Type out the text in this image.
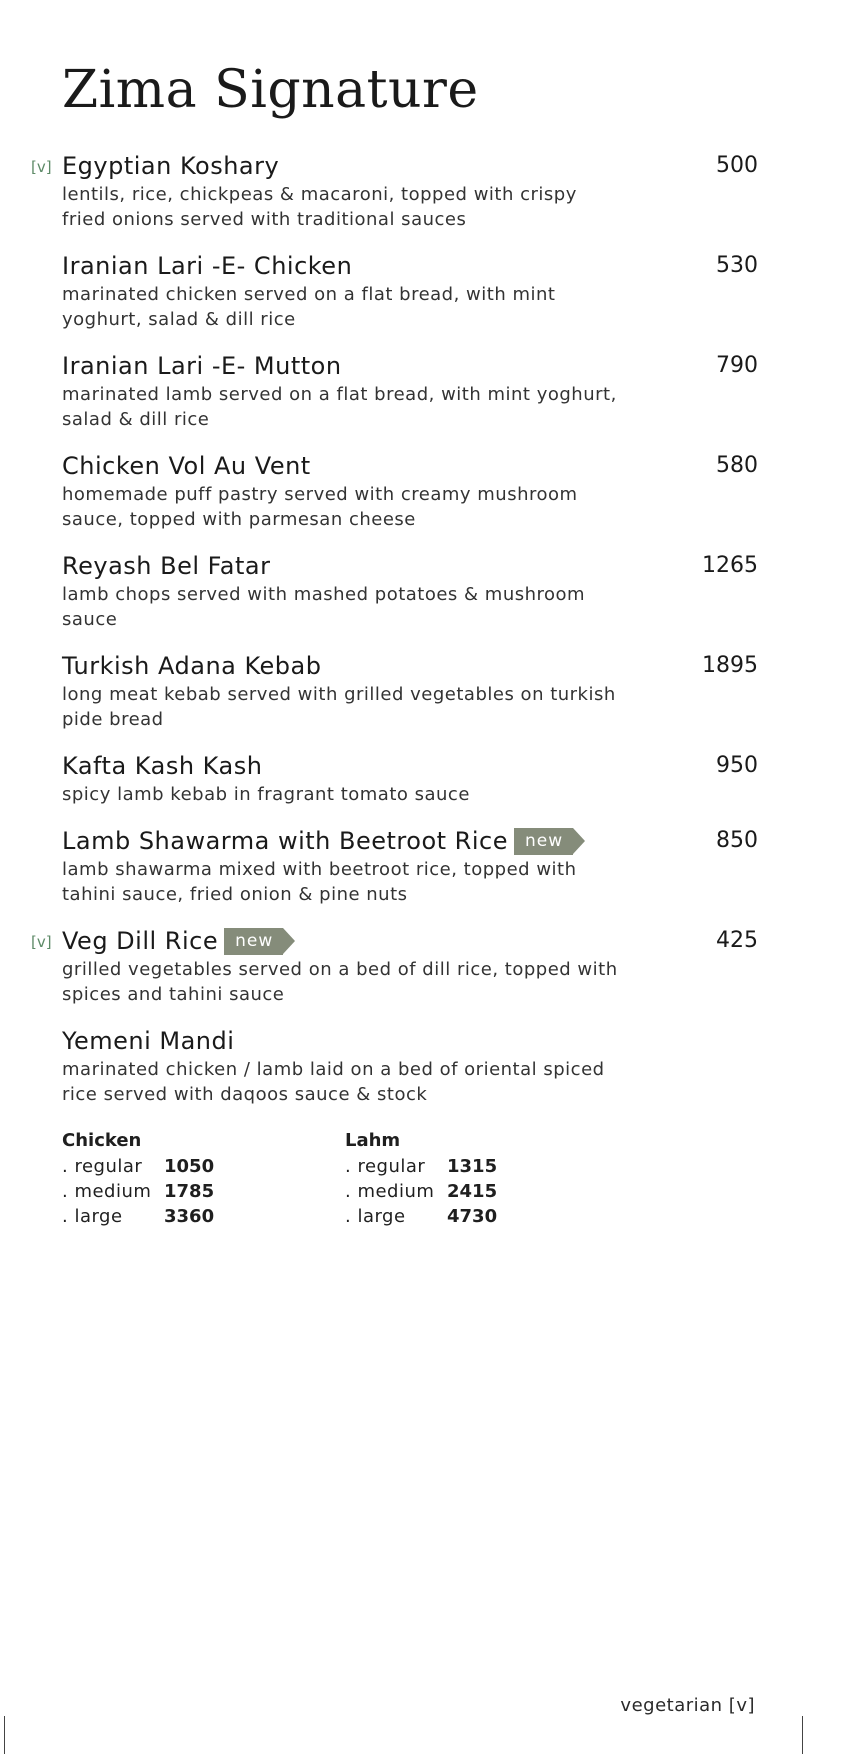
Zima Signature
[v] Egyptian Koshary	500
lentils, rice, chickpeas & macaroni, topped with crispy fried onions served with traditional sauces
Iranian Lari -E- Chicken	530
marinated chicken served on a flat bread, with mint yoghurt, salad & dill rice
Iranian Lari -E- Mutton	790
marinated lamb served on a flat bread, with mint yoghurt, salad & dill rice
Chicken Vol Au Vent	580
homemade puff pastry served with creamy mushroom sauce, topped with parmesan cheese
Reyash Bel Fatar	1265
lamb chops served with mashed potatoes & mushroom sauce
Turkish Adana Kebab	1895
long meat kebab served with grilled vegetables on turkish pide bread
Kafta Kash Kash	950
spicy lamb kebab in fragrant tomato sauce
Lamb Shawarma with Beetroot Rice new	850
lamb shawarma mixed with beetroot rice, topped with tahini sauce, fried onion & pine nuts
[v] Veg Dill Rice new	425
grilled vegetables served on a bed of dill rice, topped with spices and tahini sauce
Yemeni Mandi
marinated chicken / lamb laid on a bed of oriental spiced rice served with daqoos sauce & stock
Chicken
. regular	1050
. medium 1785
. large	3360
Lahm
. regular	1315
. medium 2415
. large	4730
vegetarian [v]
